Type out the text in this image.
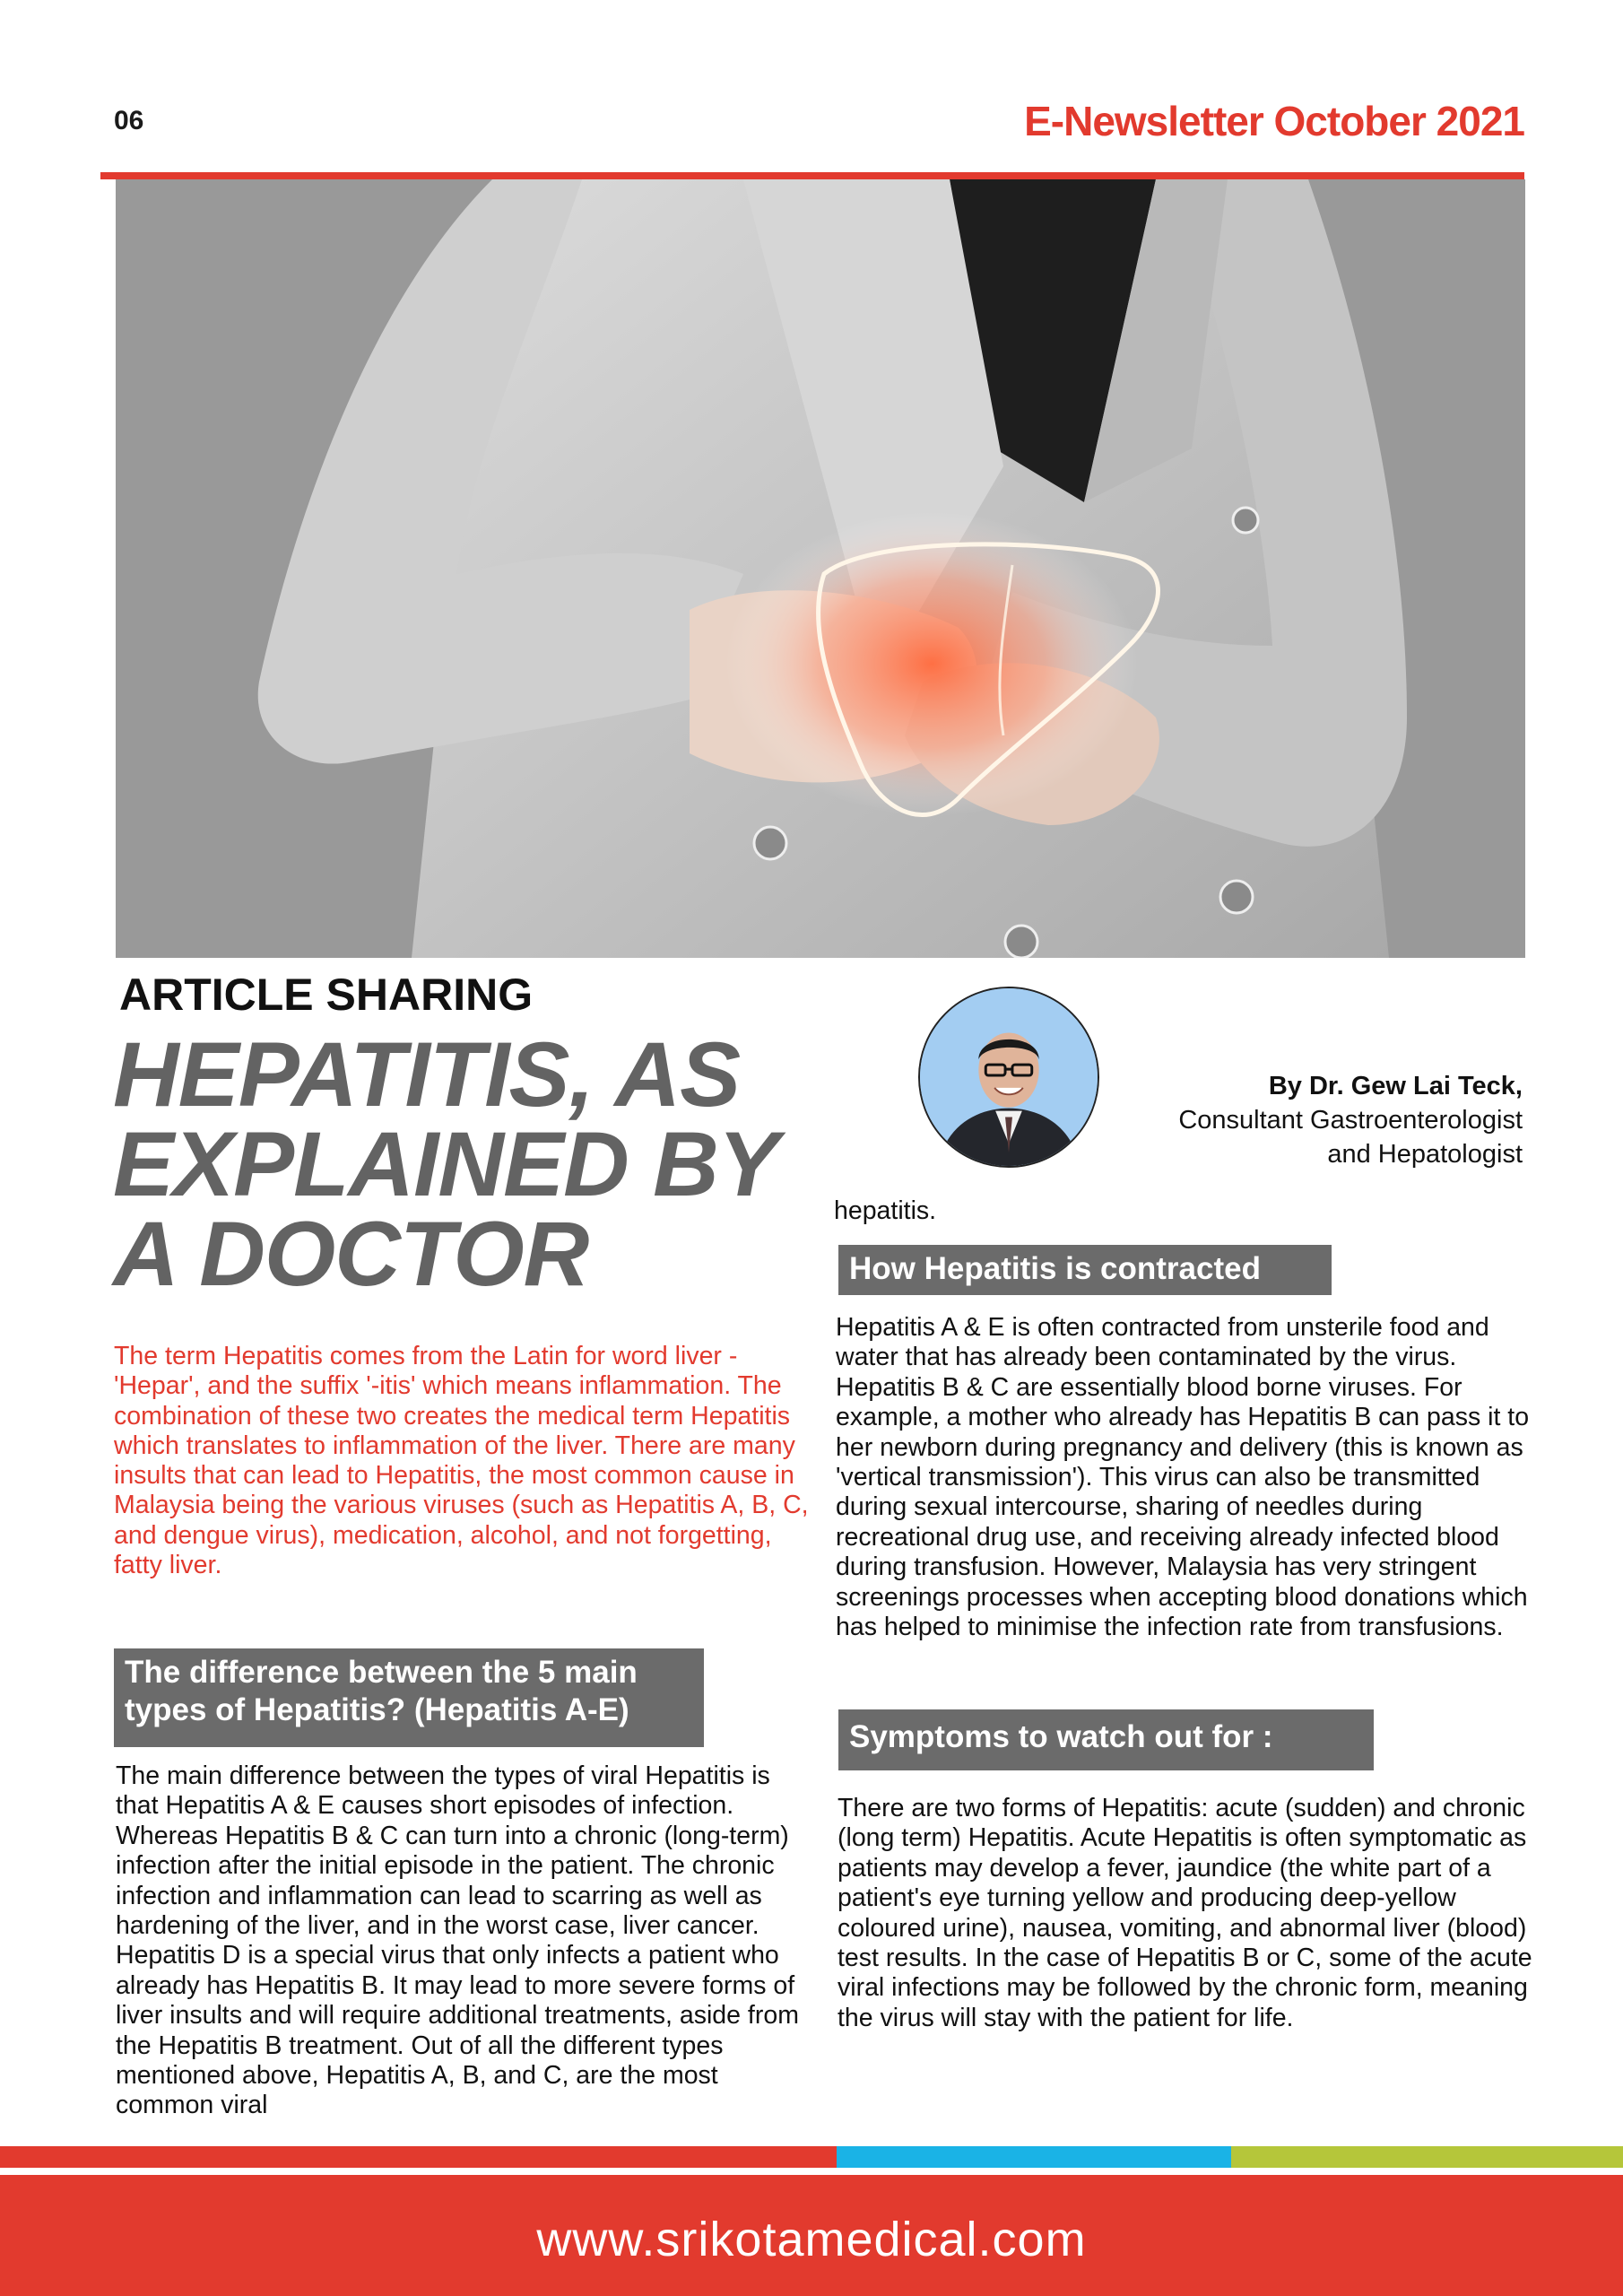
06	E-Newsletter October 2021
ARTICLE SHARING
HEPATITIS, AS
EXPLAINED BY
A DOCTOR
The term Hepatitis comes from the Latin for word liver - 'Hepar', and the suffix '-itis' which means inflammation. The combination of these two creates the medical term Hepatitis which translates to inflammation of the liver. There are many insults that can lead to Hepatitis, the most common cause in Malaysia being the various viruses (such as Hepatitis A, B, C, and dengue virus), medication, alcohol, and not forgetting, fatty liver.
The difference between the 5 main
types of Hepatitis? (Hepatitis A-E)
The main difference between the types of viral Hepatitis is that Hepatitis A & E causes short episodes of infection. Whereas Hepatitis B & C can turn into a chronic (long-term) infection after the initial episode in the patient. The chronic infection and inflammation can lead to scarring as well as hardening of the liver, and in the worst case, liver cancer. Hepatitis D is a special virus that only infects a patient who already has Hepatitis B. It may lead to more severe forms of liver insults and will require additional treatments, aside from the Hepatitis B treatment. Out of all the different types mentioned above, Hepatitis A, B, and C, are the most common viral
By Dr. Gew Lai Teck,
Consultant Gastroenterologist
and Hepatologist
hepatitis.
How Hepatitis is contracted
Hepatitis A & E is often contracted from unsterile food and water that has already been contaminated by the virus. Hepatitis B & C are essentially blood borne viruses. For example, a mother who already has Hepatitis B can pass it to her newborn during pregnancy and delivery (this is known as 'vertical transmission'). This virus can also be transmitted during sexual intercourse, sharing of needles during recreational drug use, and receiving already infected blood during transfusion. However, Malaysia has very stringent screenings processes when accepting blood donations which has helped to minimise the infection rate from transfusions.
Symptoms to watch out for :
There are two forms of Hepatitis: acute (sudden) and chronic (long term) Hepatitis. Acute Hepatitis is often symptomatic as patients may develop a fever, jaundice (the white part of a patient's eye turning yellow and producing deep-yellow coloured urine), nausea, vomiting, and abnormal liver (blood) test results. In the case of Hepatitis B or C, some of the acute viral infections may be followed by the chronic form, meaning the virus will stay with the patient for life.
www.srikotamedical.com
